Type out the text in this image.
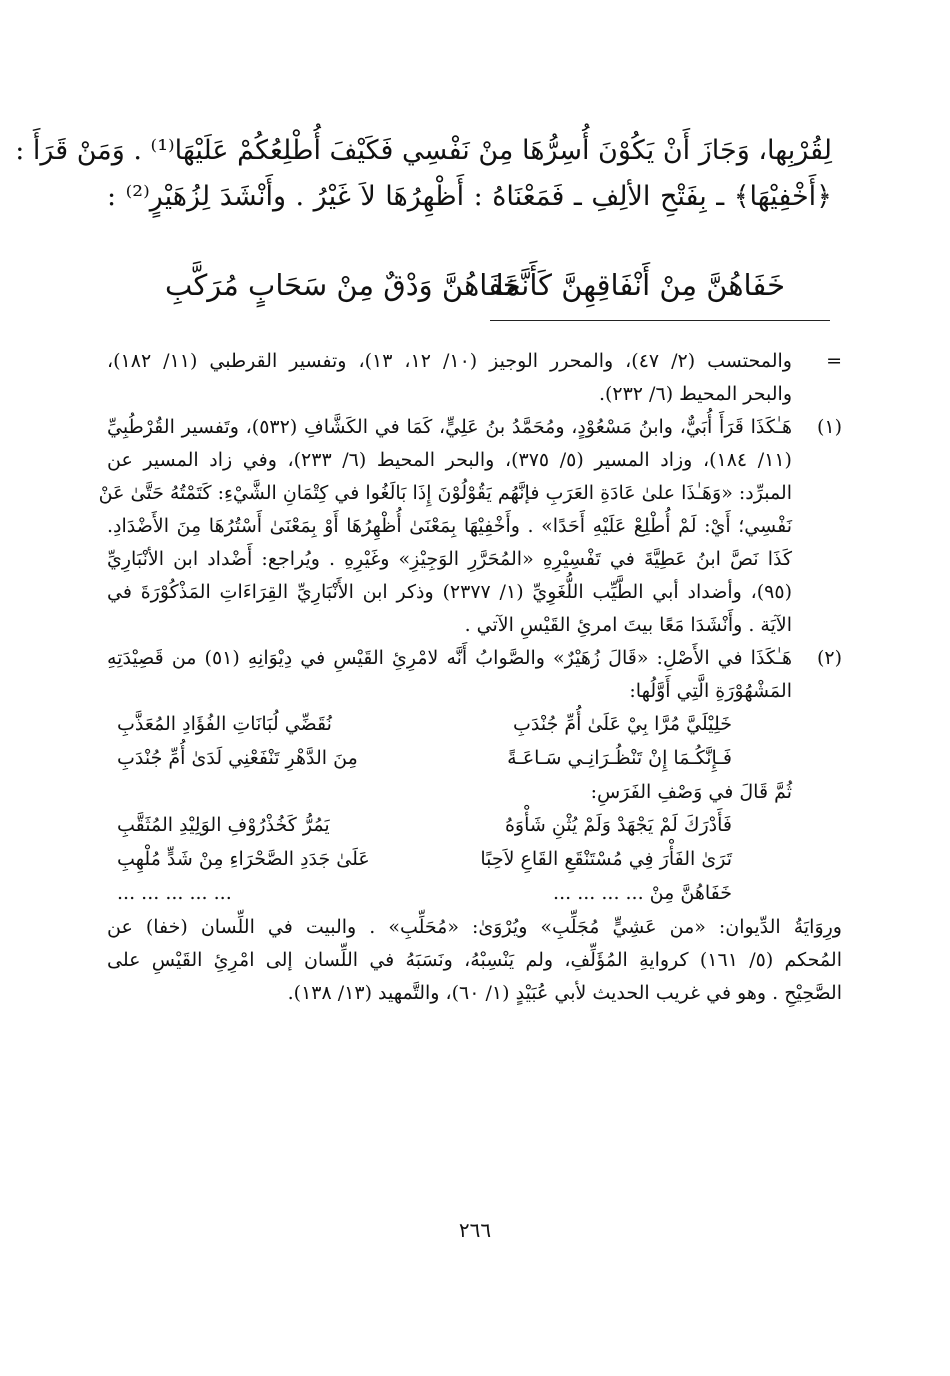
لِقُرْبِها، وَجَازَ أَنْ يَكُوْنَ أُسِرُّهَا مِنْ نَفْسِي فَكَيْفَ أُطْلِعُكُمْ عَلَيْهَا⁽¹⁾ . وَمَنْ قَرَأَ :
﴿أَخْفِيْهَا﴾ ـ بِفَتْحِ الألِفِ ـ فَمَعْنَاهُ : أَظْهِرُهَا لاَ غَيْرُ . وأَنْشَدَ لِزُهَيْرٍ⁽²⁾ :
خَفَاهُنَّ مِنْ أَنْفَاقِهِنَّ كَأَنَّمَا
خَفَاهُنَّ وَدْقٌ مِنْ سَحَابٍ مُرَكَّبِ
=
والمحتسب (٢/ ٤٧)، والمحرر الوجيز (١٠/ ١٢، ١٣)، وتفسير القرطبي (١١/ ١٨٢)،
والبحر المحيط (٦/ ٢٣٢).
(١)
هَـٰكَذَا قَرَأَ أُبَيٌّ، وابنُ مَسْعُوْدٍ، ومُحَمَّدُ بنُ عَلِيٍّ، كَمَا في الكَشَّافِ (٥٣٢)، وتَفسير القُرْطُبِيِّ
(١١/ ١٨٤)، وزاد المسير (٥/ ٣٧٥)، والبحر المحيط (٦/ ٢٣٣)، وفي زاد المسير عن
المبرِّد: «وَهَـٰذَا علىٰ عَادَةِ العَرَبِ فإنَّهُم يَقُوْلُوْنَ إِذَا بَالَغُوا في كِتْمَانِ الشَّيْءِ: كَتَمْتُهُ حَتَّىٰ عَنْ
نَفْسِي؛ أَيْ: لَمْ أُطْلِعْ عَلَيْهِ أَحَدًا» . وأَخْفِيْهَا بِمَعْنَىٰ أُظْهِرُهَا أَوْ بِمَعْنَىٰ أَسْتُرُهَا مِنَ الأَضْدَادِ.
كَذَا نَصَّ ابنُ عَطِيَّةَ في تَفْسِيْرِهِ «المُحَرَّرِ الوَجِيْزِ» وغَيْرِهِ . ويُراجع: أَضْداد ابن الأنْبَارِيِّ
(٩٥)، وأضداد أبي الطَّيِّب اللُّغَوِيِّ (١/ ٢٣٧٧) وذكر ابن الأَنْبَارِيِّ القِرَاءَاتِ المَذْكُوْرَةَ في
الآيَة . وأَنْشَدَا مَعًا بيتَ امرئِ القَيْسِ الآتي .
(٢)
هَـٰكَذَا في الأَصْلِ: «قَالَ زُهَيْرٌ» والصَّوابُ أَنَّه لامْرِئِ القَيْسِ في دِيْوَانِهِ (٥١) من قَصِيْدَتِهِ
المَشْهُوْرَةِ الَّتِي أَوَّلُها:
خَلِيْلَيَّ مُرَّا بِيْ عَلَىٰ أُمِّ جُنْدَبِ
نُقَضِّي لُبَانَاتِ الفُؤَادِ المُعَذَّبِ
فَـإِنَّكُـمَا إِنْ تَنْظُـرَانِـي سَـاعَـةً
مِنَ الدَّهْرِ تَنْفَعْنِي لَدَىٰ أُمِّ جُنْدَبِ
ثُمَّ قَالَ في وَصْفِ الفَرَسِ:
فَأَدْرَكَ لَمْ يَجْهَدْ وَلَمْ يُثْنِ شَأْوَهُ
يَمُرُّ كَخُذْرُوْفِ الوَلِيْدِ المُثَقَّبِ
تَرَىٰ الفَأْرَ فِي مُسْتَنْقَعِ القَاعِ لاَحِبًا
عَلَىٰ جَدَدِ الصَّحْرَاءِ مِنْ شَدٍّ مُلْهِبِ
خَفَاهُنَّ مِنْ ... ... ... ...
... ... ... ... ...
ورِوَايَةُ الدِّيوان: «من عَشِيٍّ مُجَلِّبِ» ويُرْوَىٰ: «مُحَلِّبِ» . والبيت في اللِّسان (خفا) عن
المُحكم (٥/ ١٦١) كروايةِ المُؤَلِّفِ، ولم يَنْسِبْهُ، ونَسَبَهُ في اللِّسان إلى امْرِئِ القَيْسِ على
الصَّحِيْحِ . وهو في غريب الحديث لأبي عُبَيْدٍ (١/ ٦٠)، والتَّمهيد (١٣/ ١٣٨).
٢٦٦
